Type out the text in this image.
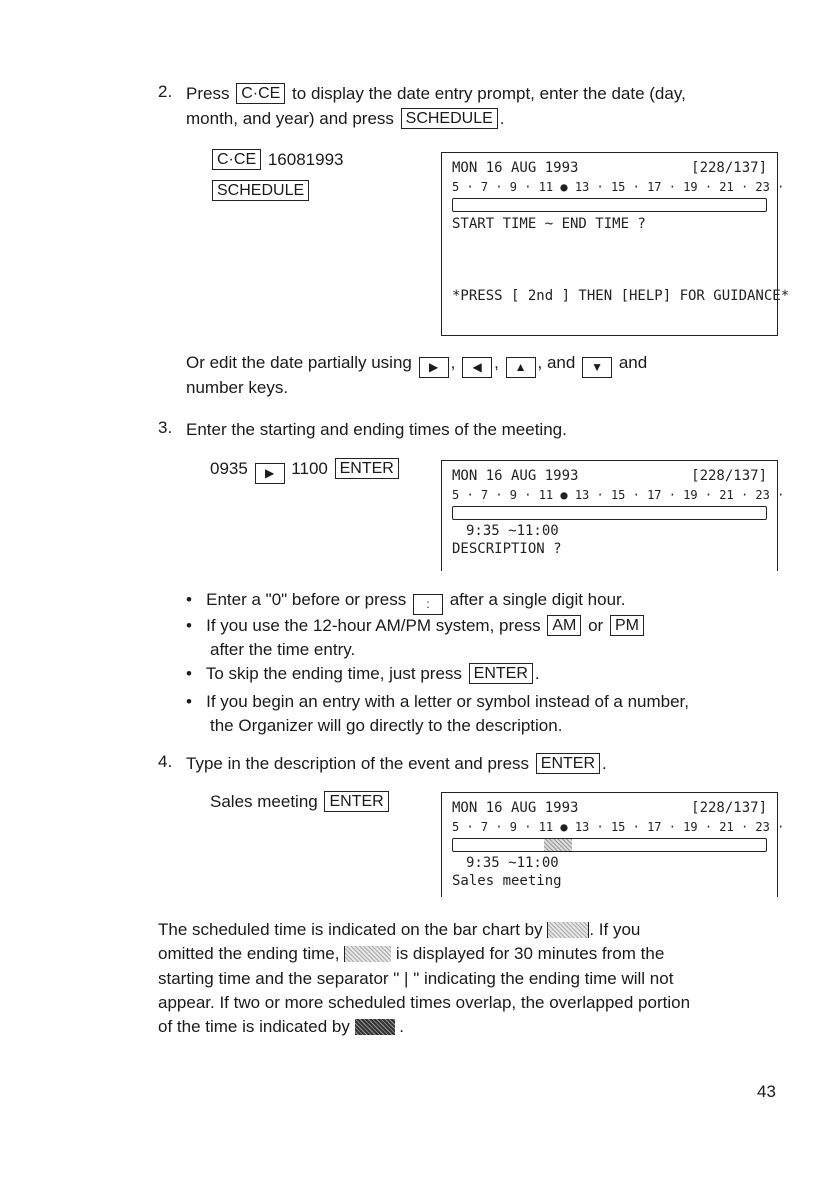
2. Press C·CE to display the date entry prompt, enter the date (day,
month, and year) and press SCHEDULE .
C·CE 16081993
SCHEDULE
MON 16 AUG 1993	[228/137]
5 · 7 · 9 · 11 ● 13 · 15 · 17 · 19 · 21 · 23 ·
START TIME ~ END TIME ?
*PRESS [ 2nd ] THEN [HELP] FOR GUIDANCE*
Or edit the date partially using ▶ , ◀ , ▲ , and ▼ and
number keys.
3. Enter the starting and ending times of the meeting.
0935 ▶ 1100 ENTER	MON 16 AUG 1993	[228/137]
5 · 7 · 9 · 11 ● 13 · 15 · 17 · 19 · 21 · 23 ·
9:35 ~11:00
DESCRIPTION ?
• Enter a "0" before or press : after a single digit hour.
• If you use the 12-hour AM/PM system, press AM or PM
after the time entry.
• To skip the ending time, just press ENTER .
• If you begin an entry with a letter or symbol instead of a number,
the Organizer will go directly to the description.
4. Type in the description of the event and press ENTER .
Sales meeting ENTER	MON 16 AUG 1993	[228/137]
5 · 7 · 9 · 11 ● 13 · 15 · 17 · 19 · 21 · 23 ·
9:35 ~11:00
Sales meeting
The scheduled time is indicated on the bar chart by	. If you
omitted the ending time,	is displayed for 30 minutes from the
starting time and the separator " | " indicating the ending time will not
appear. If two or more scheduled times overlap, the overlapped portion
of the time is indicated by	.
43
